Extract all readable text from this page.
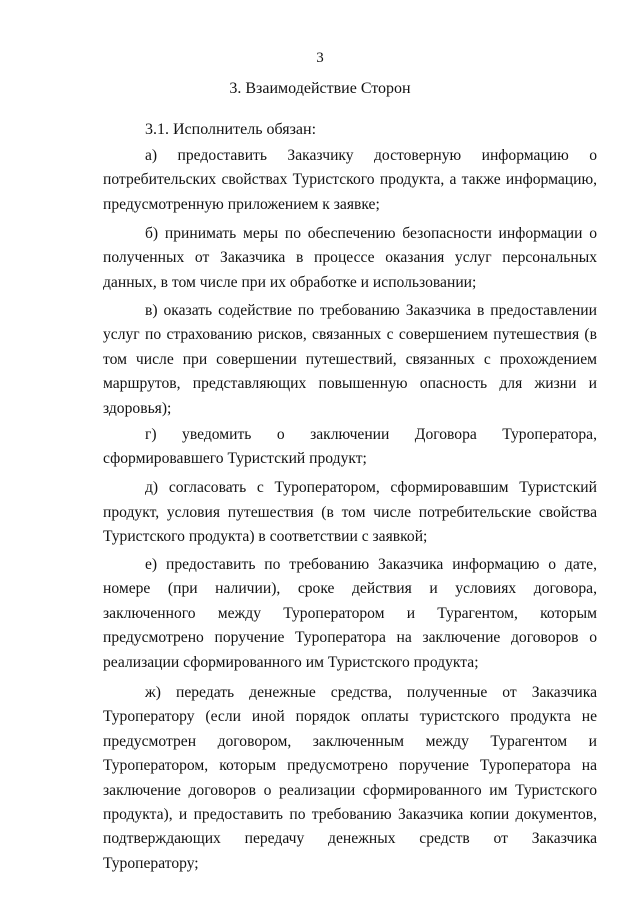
3
3. Взаимодействие Сторон
3.1. Исполнитель обязан:

а) предоставить Заказчику достоверную информацию о потребительских свойствах Туристского продукта, а также информацию, предусмотренную приложением к заявке;

б) принимать меры по обеспечению безопасности информации о полученных от Заказчика в процессе оказания услуг персональных данных, в том числе при их обработке и использовании;

в) оказать содействие по требованию Заказчика в предоставлении услуг по страхованию рисков, связанных с совершением путешествия (в том числе при совершении путешествий, связанных с прохождением маршрутов, представляющих повышенную опасность для жизни и здоровья);

г) уведомить о заключении Договора Туроператора, сформировавшего Туристский продукт;

д) согласовать с Туроператором, сформировавшим Туристский продукт, условия путешествия (в том числе потребительские свойства Туристского продукта) в соответствии с заявкой;

е) предоставить по требованию Заказчика информацию о дате, номере (при наличии), сроке действия и условиях договора, заключенного между Туроператором и Турагентом, которым предусмотрено поручение Туроператора на заключение договоров о реализации сформированного им Туристского продукта;

ж) передать денежные средства, полученные от Заказчика Туроператору (если иной порядок оплаты туристского продукта не предусмотрен договором, заключенным между Турагентом и Туроператором, которым предусмотрено поручение Туроператора на заключение договоров о реализации сформированного им Туристского продукта), и предоставить по требованию Заказчика копии документов, подтверждающих передачу денежных средств от Заказчика Туроператору;
